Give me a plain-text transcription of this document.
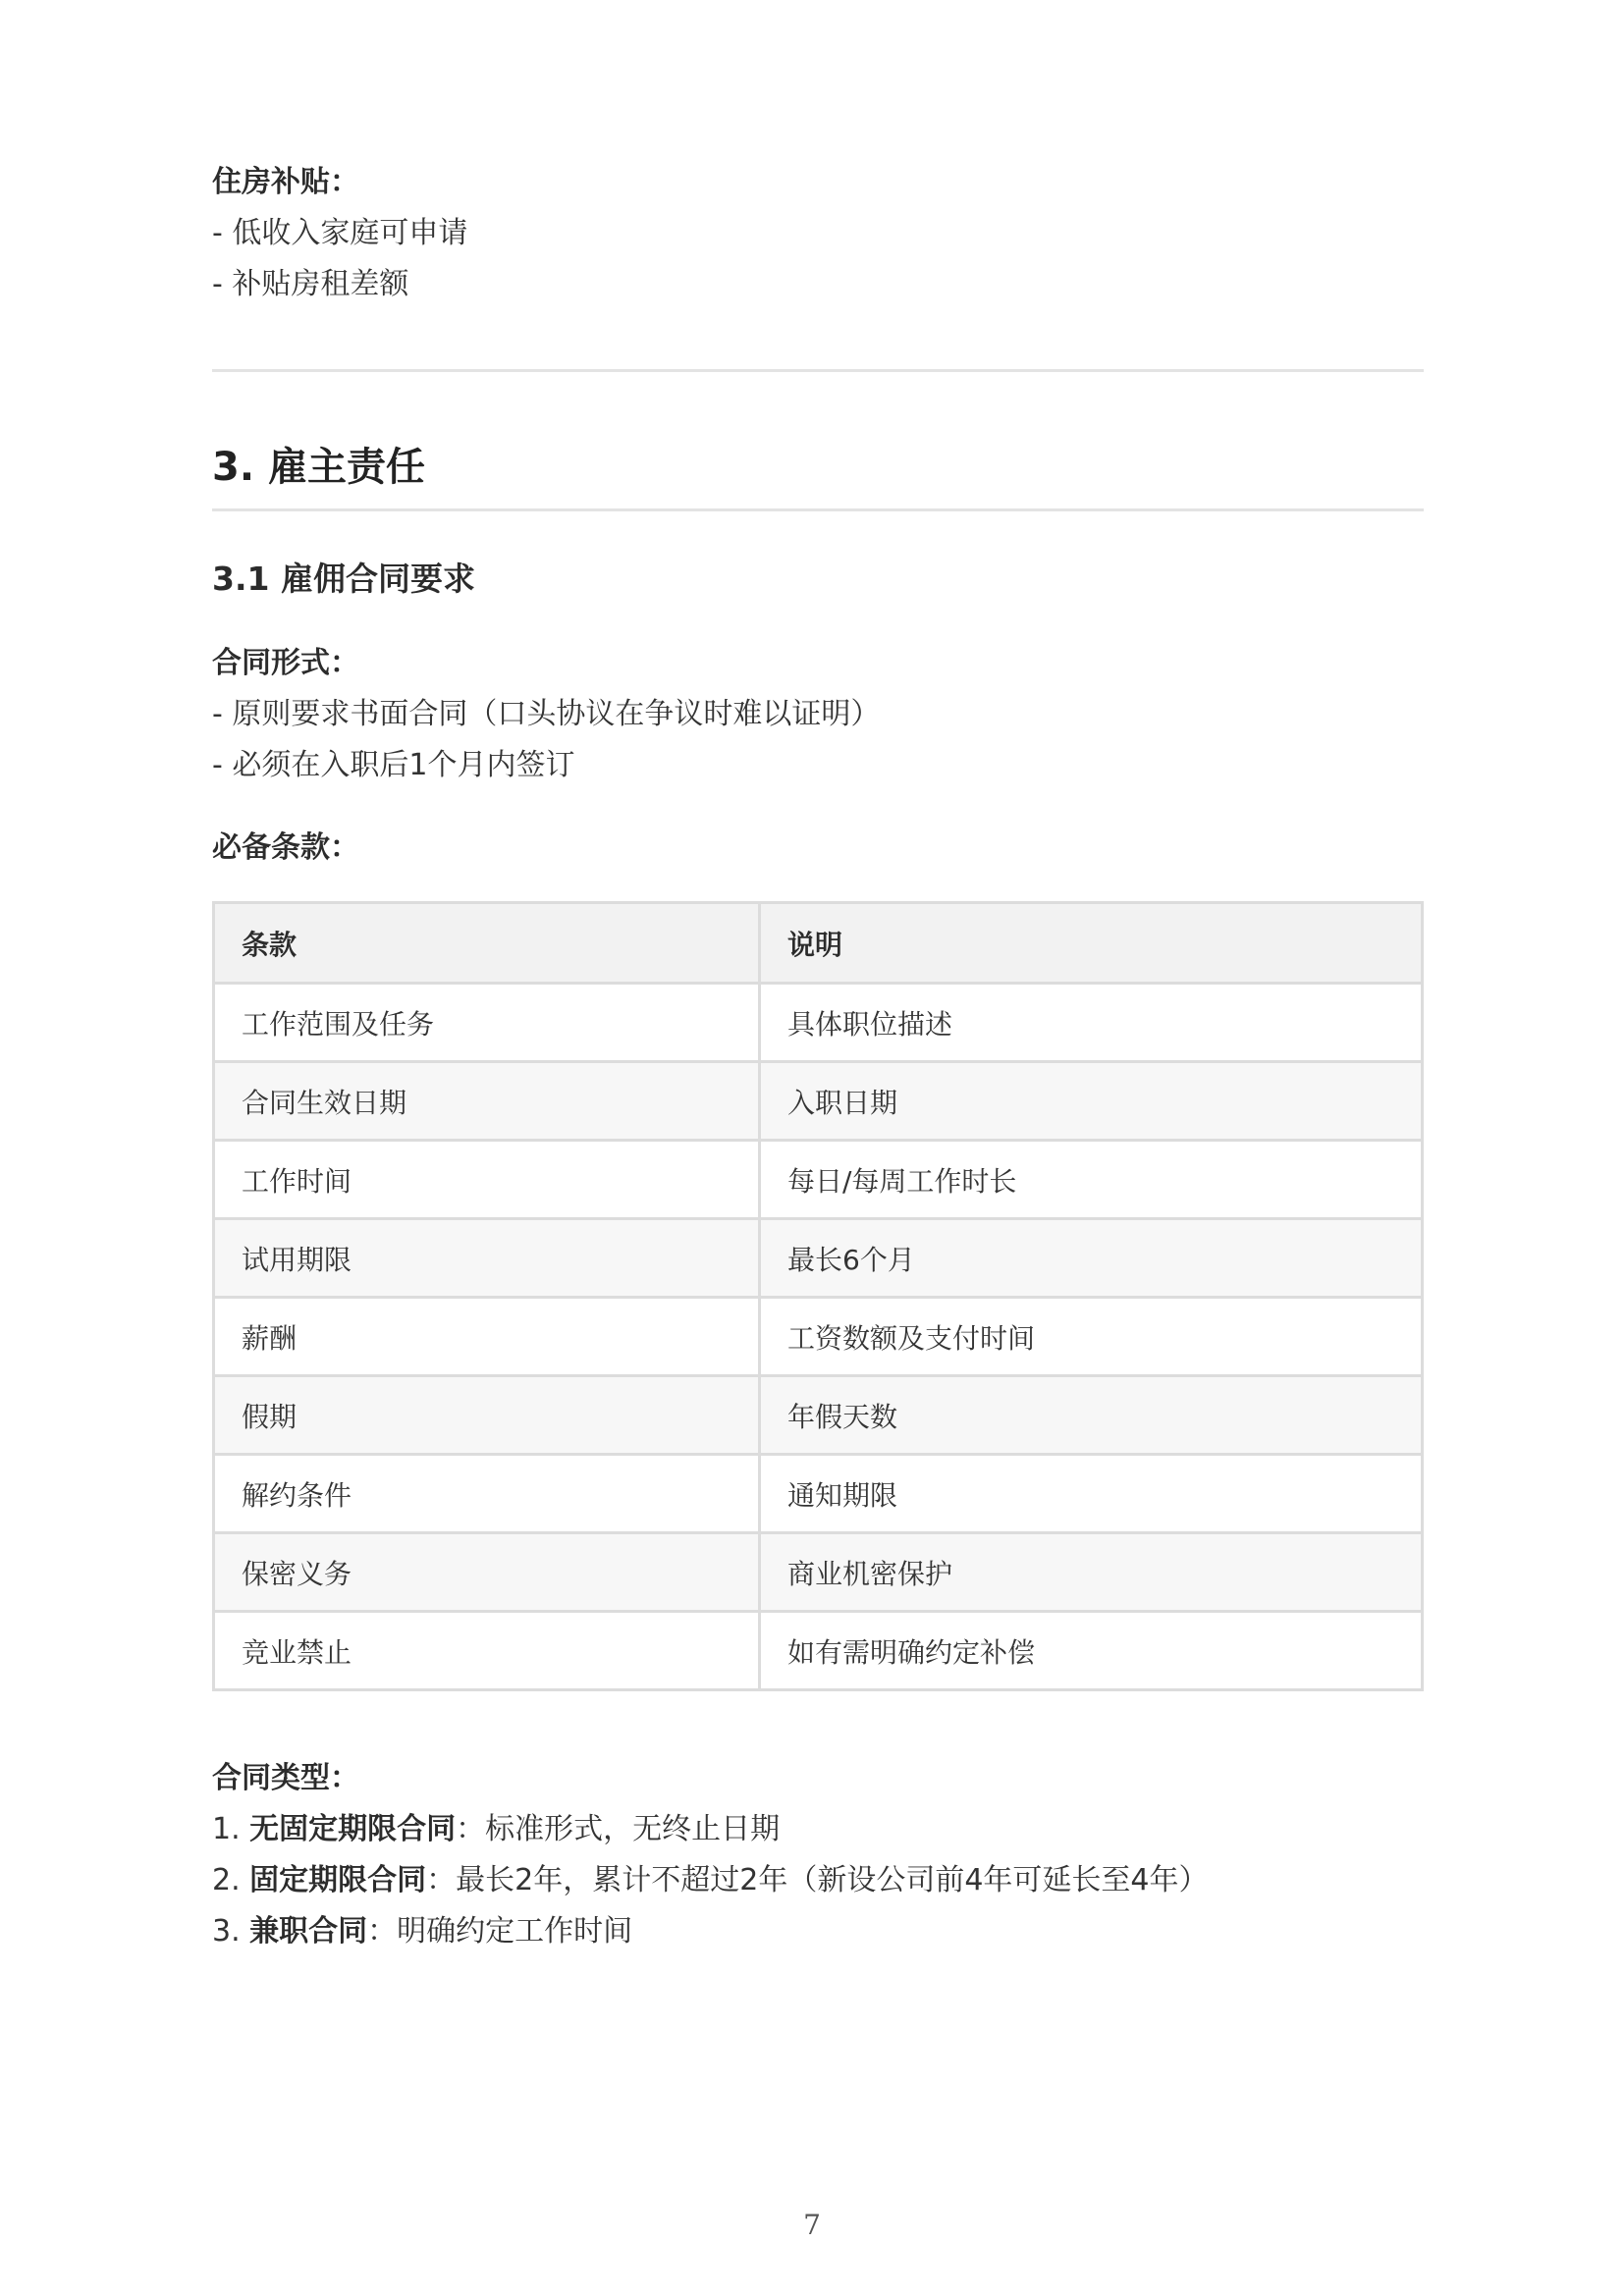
住房补贴：

- 低收入家庭可申请

- 补贴房租差额

3. 雇主责任
3.1 雇佣合同要求

合同形式：

- 原则要求书面合同（口头协议在争议时难以证明）

- 必须在入职后1个月内签订

必备条款：

条款	说明
工作范围及任务	具体职位描述
合同生效日期	入职日期
工作时间	每日/每周工作时长
试用期限	最长6个月
薪酬	工资数额及支付时间
假期	年假天数
解约条件	通知期限
保密义务	商业机密保护
竞业禁止	如有需明确约定补偿

合同类型：

1. 无固定期限合同：标准形式，无终止日期

2. 固定期限合同：最长2年，累计不超过2年（新设公司前4年可延长至4年）

3. 兼职合同：明确约定工作时间

7
